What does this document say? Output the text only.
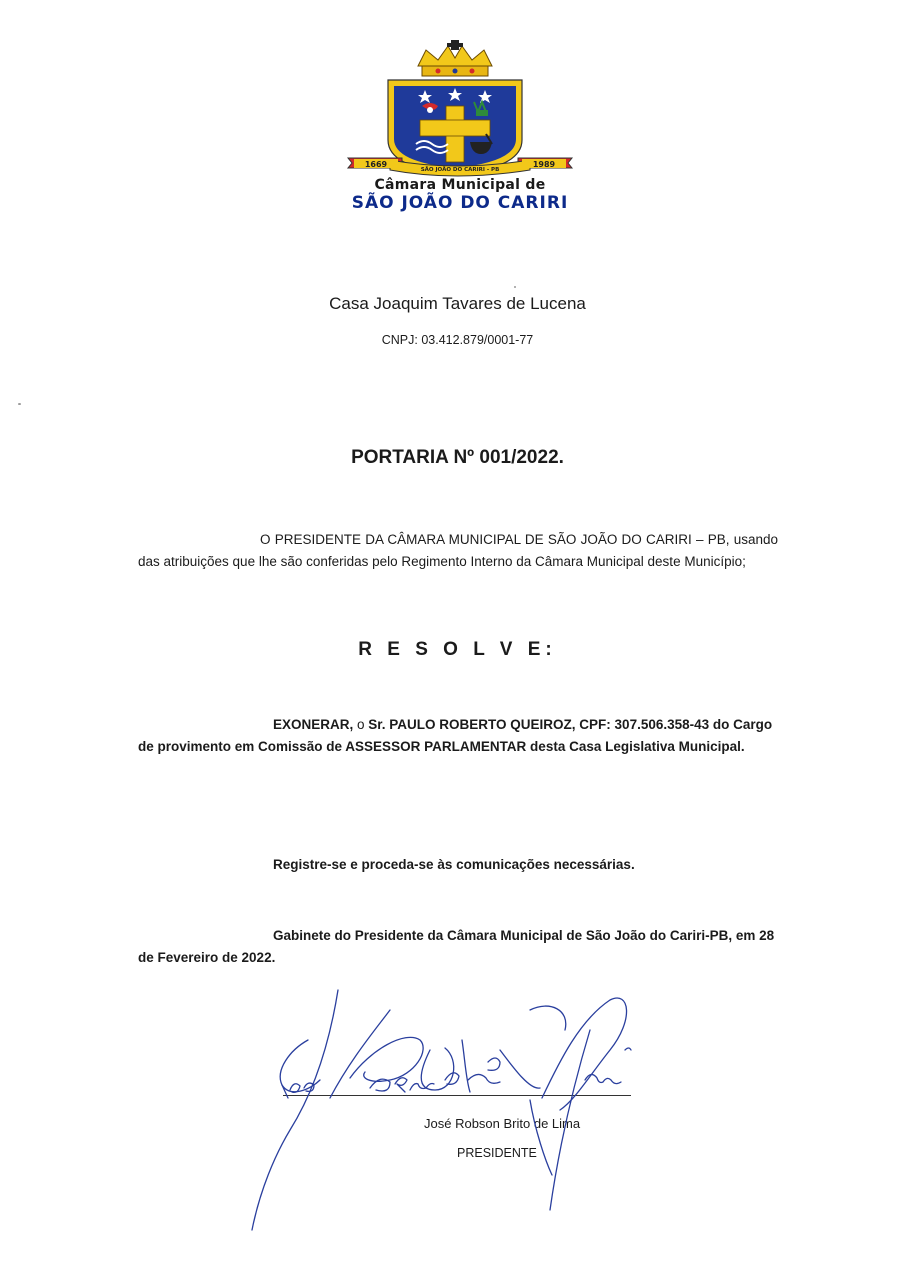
1669	1989
SÃO JOÃO DO CARIRI - PB
Câmara Municipal de
SÃO JOÃO DO CARIRI
Casa Joaquim Tavares de Lucena
CNPJ: 03.412.879/0001-77
PORTARIA Nº 001/2022.
O PRESIDENTE DA CÂMARA MUNICIPAL DE SÃO JOÃO DO CARIRI – PB, usando das atribuições que lhe são conferidas pelo Regimento Interno da Câmara Municipal deste Município;
R E S O L V E:
EXONERAR, o Sr. PAULO ROBERTO QUEIROZ, CPF: 307.506.358-43 do Cargo de provimento em Comissão de ASSESSOR PARLAMENTAR desta Casa Legislativa Municipal.
Registre-se e proceda-se às comunicações necessárias.
Gabinete do Presidente da Câmara Municipal de São João do Cariri-PB, em 28 de Fevereiro de 2022.
José Robson Brito de Lima
PRESIDENTE
